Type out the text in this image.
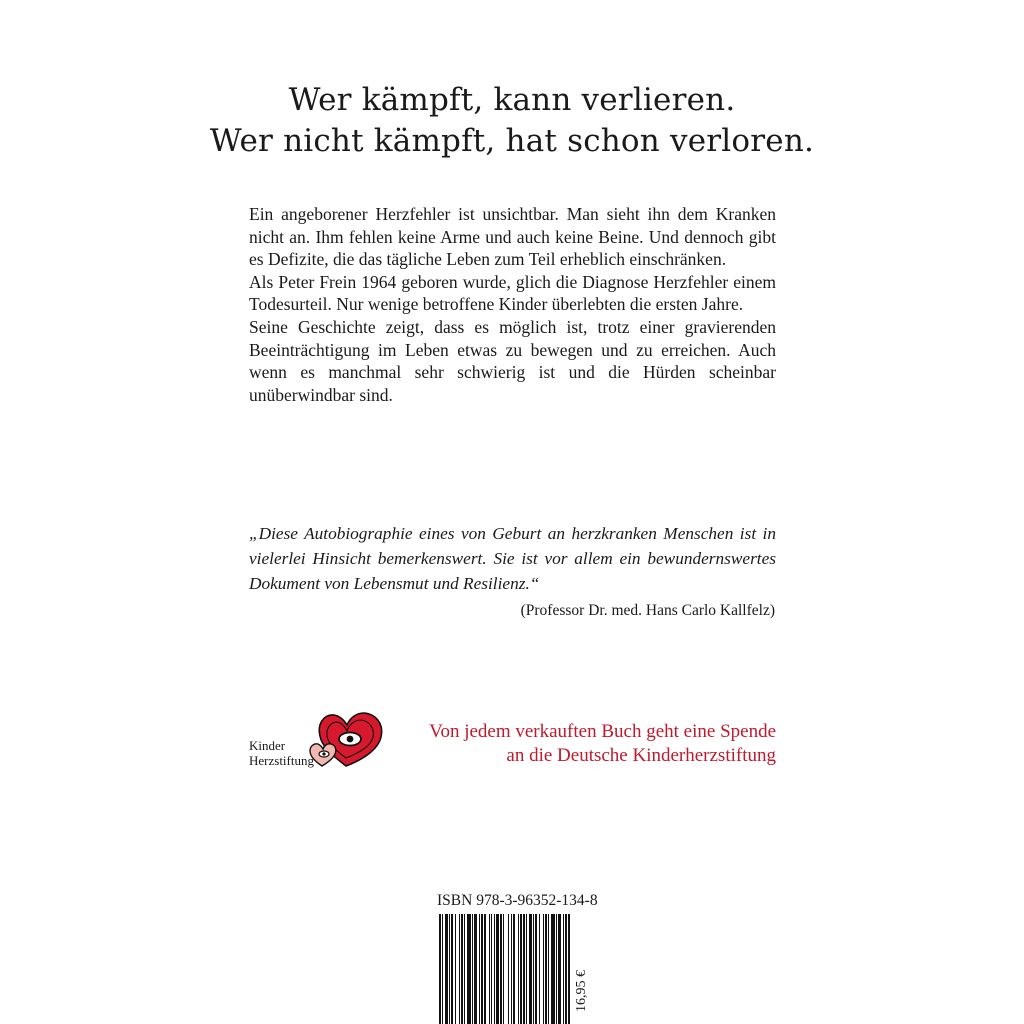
Wer kämpft, kann verlieren.
Wer nicht kämpft, hat schon verloren.

Ein angeborener Herzfehler ist unsichtbar. Man sieht ihn dem Kranken nicht an. Ihm fehlen keine Arme und auch keine Beine. Und dennoch gibt es Defizite, die das tägliche Leben zum Teil erheblich einschränken.

Als Peter Frein 1964 geboren wurde, glich die Diagnose Herzfehler einem Todesurteil. Nur wenige betroffene Kinder überlebten die ersten Jahre.

Seine Geschichte zeigt, dass es möglich ist, trotz einer gravierenden Beeinträchtigung im Leben etwas zu bewegen und zu erreichen. Auch wenn es manchmal sehr schwierig ist und die Hürden scheinbar unüberwindbar sind.

„Diese Autobiographie eines von Geburt an herzkranken Menschen ist in vielerlei Hinsicht bemerkenswert. Sie ist vor allem ein bewundernswertes Dokument von Lebensmut und Resilienz.“
(Professor Dr. med. Hans Carlo Kallfelz)
Kinder
Herzstiftung
Von jedem verkauften Buch geht eine Spende
an die Deutsche Kinderherzstiftung
ISBN 978-3-96352-134-8
16,95 €
